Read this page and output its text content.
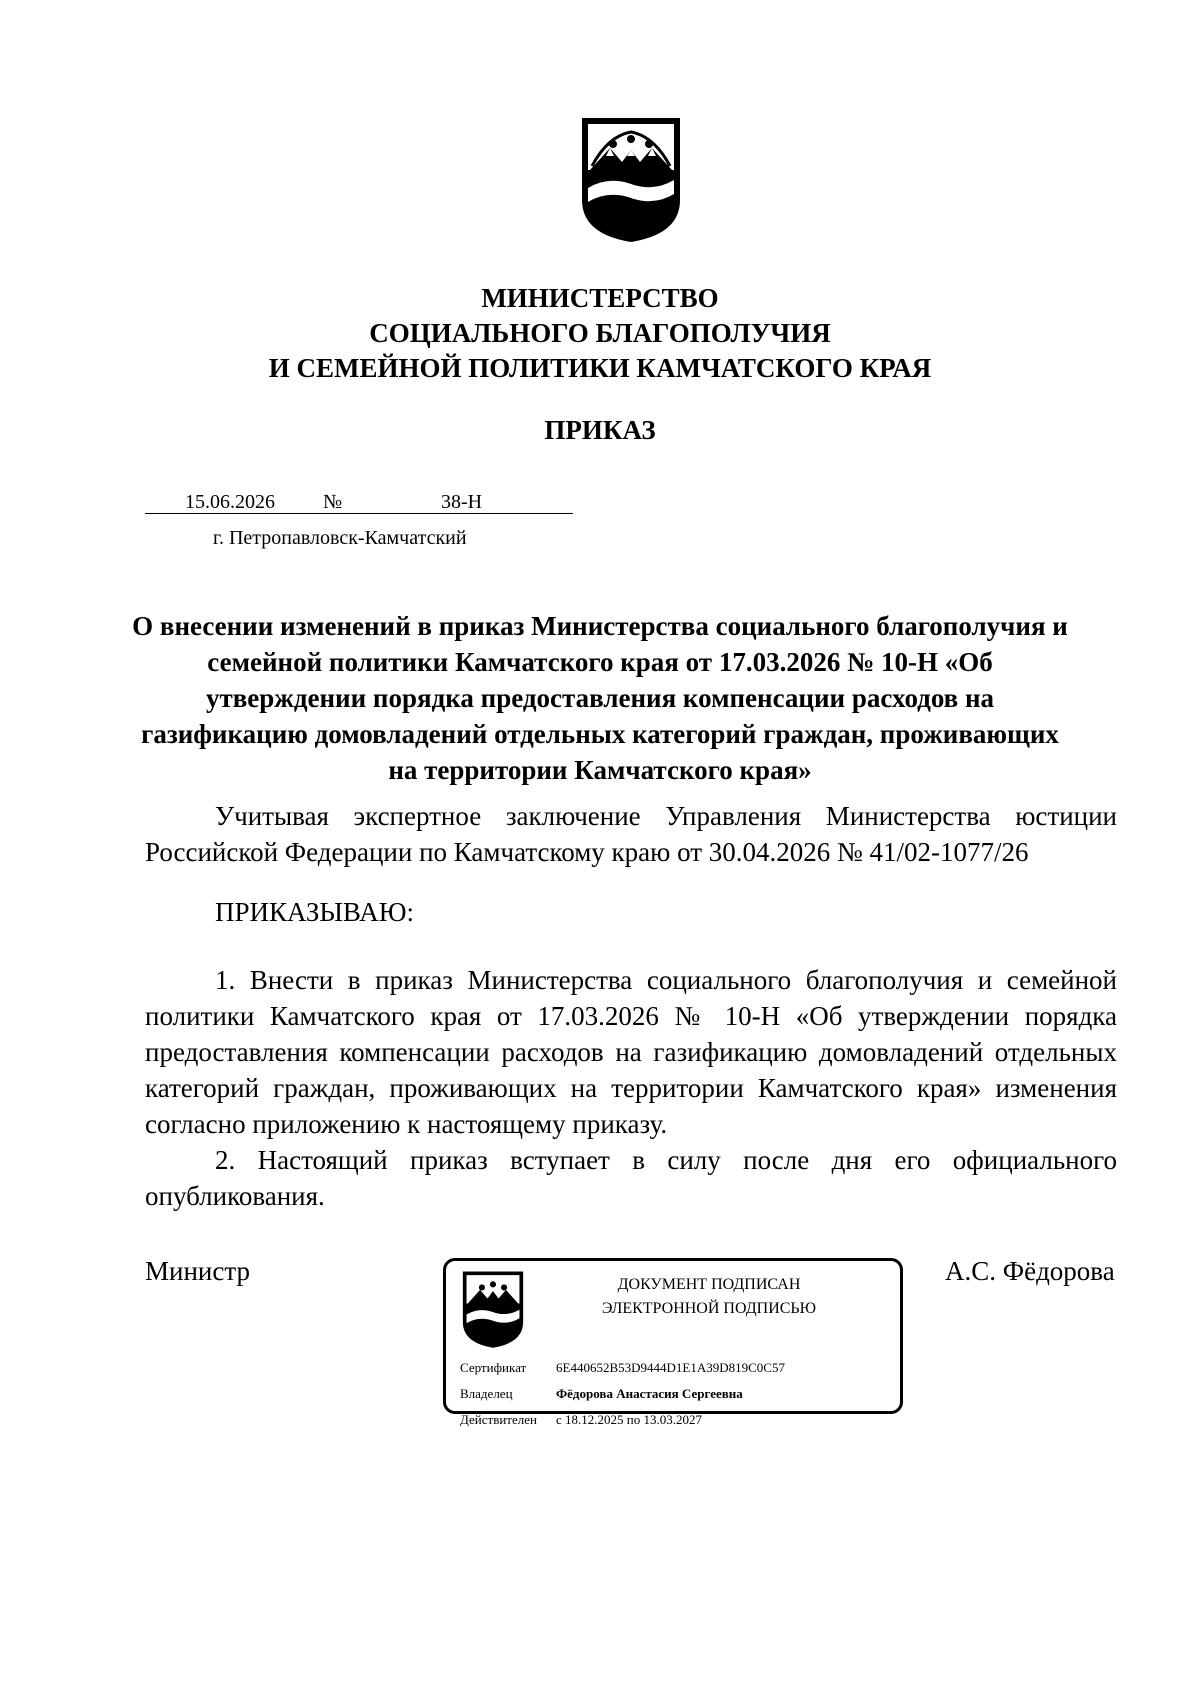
МИНИСТЕРСТВО
СОЦИАЛЬНОГО БЛАГОПОЛУЧИЯ
И СЕМЕЙНОЙ ПОЛИТИКИ КАМЧАТСКОГО КРАЯ
ПРИКАЗ
15.06.2026 №	38-Н
г. Петропавловск-Камчатский
О внесении изменений в приказ Министерства социального благополучия и семейной политики Камчатского края от 17.03.2026 № 10-Н «Об утверждении порядка предоставления компенсации расходов на газификацию домовладений отдельных категорий граждан, проживающих на территории Камчатского края»

Учитывая экспертное заключение Управления Министерства юстиции Российской Федерации по Камчатскому краю от 30.04.2026 № 41/02-1077/26

ПРИКАЗЫВАЮ:

1. Внести в приказ Министерства социального благополучия и семейной политики Камчатского края от 17.03.2026 № 10-Н «Об утверждении порядка предоставления компенсации расходов на газификацию домовладений отдельных категорий граждан, проживающих на территории Камчатского края» изменения согласно приложению к настоящему приказу.

2. Настоящий приказ вступает в силу после дня его официального опубликования.

Министр	ДОКУМЕНТ ПОДПИСАН
ЭЛЕКТРОННОЙ ПОДПИСЬЮ
Сертификат 6E440652B53D9444D1E1A39D819C0C57
Владелец	Фёдорова Анастасия Сергеевна
Действителен с 18.12.2025 по 13.03.2027
А.С. Фёдорова
